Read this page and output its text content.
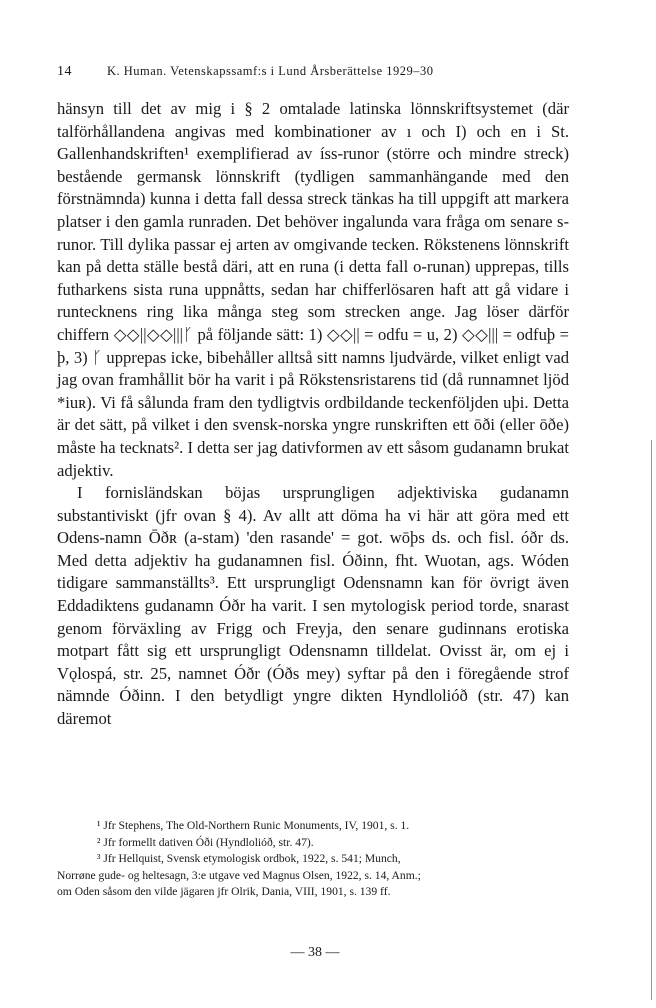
14	K. Human. Vetenskapssamf:s i Lund Årsberättelse 1929–30

hänsyn till det av mig i § 2 omtalade latinska lönnskriftsystemet (där talförhållandena angivas med kombinationer av ı och I) och en i St. Gallenhandskriften¹ exemplifierad av íss-runor (större och mindre streck) bestående germansk lönnskrift (tydligen sammanhängande med den förstnämnda) kunna i detta fall dessa streck tänkas ha till uppgift att markera platser i den gamla runraden. Det behöver ingalunda vara fråga om senare s-runor. Till dylika passar ej arten av omgivande tecken. Rökstenens lönnskrift kan på detta ställe bestå däri, att en runa (i detta fall o-runan) upprepas, tills futharkens sista runa uppnåtts, sedan har chifferlösaren haft att gå vidare i runtecknens ring lika många steg som strecken ange. Jag löser därför chiffern ◇◇||◇◇|||ᚴ på följande sätt: 1) ◇◇|| = odfu = u, 2) ◇◇||| = odfuþ = þ, 3) ᚴ upprepas icke, bibehåller alltså sitt namns ljudvärde, vilket enligt vad jag ovan framhållit bör ha varit i på Rökstensristarens tid (då runnamnet ljöd *iuʀ). Vi få sålunda fram den tydligtvis ordbildande teckenföljden uþi. Detta är det sätt, på vilket i den svensk-norska yngre runskriften ett ōði (eller ōðe) måste ha tecknats². I detta ser jag dativformen av ett såsom gudanamn brukat adjektiv.

I fornisländskan böjas ursprungligen adjektiviska gudanamn substantiviskt (jfr ovan § 4). Av allt att döma ha vi här att göra med ett Odens-namn Ōðʀ (a-stam) 'den rasande' = got. wōþs ds. och fisl. óðr ds. Med detta adjektiv ha gudanamnen fisl. Óðinn, fht. Wuotan, ags. Wóden tidigare sammanställts³. Ett ursprungligt Odensnamn kan för övrigt även Eddadiktens gudanamn Óðr ha varit. I sen mytologisk period torde, snarast genom förväxling av Frigg och Freyja, den senare gudinnans erotiska motpart fått sig ett ursprungligt Odensnamn tilldelat. Ovisst är, om ej i Vǫlospá, str. 25, namnet Óðr (Óðs mey) syftar på den i föregående strof nämnde Óðinn. I den betydligt yngre dikten Hyndlolióð (str. 47) kan däremot

¹ Jfr Stephens, The Old-Northern Runic Monuments, IV, 1901, s. 1.

² Jfr formellt dativen Óði (Hyndlolióð, str. 47).

³ Jfr Hellquist, Svensk etymologisk ordbok, 1922, s. 541; Munch,

Norrøne gude- og heltesagn, 3:e utgave ved Magnus Olsen, 1922, s. 14, Anm.;

om Oden såsom den vilde jägaren jfr Olrik, Dania, VIII, 1901, s. 139 ff.

— 38 —
